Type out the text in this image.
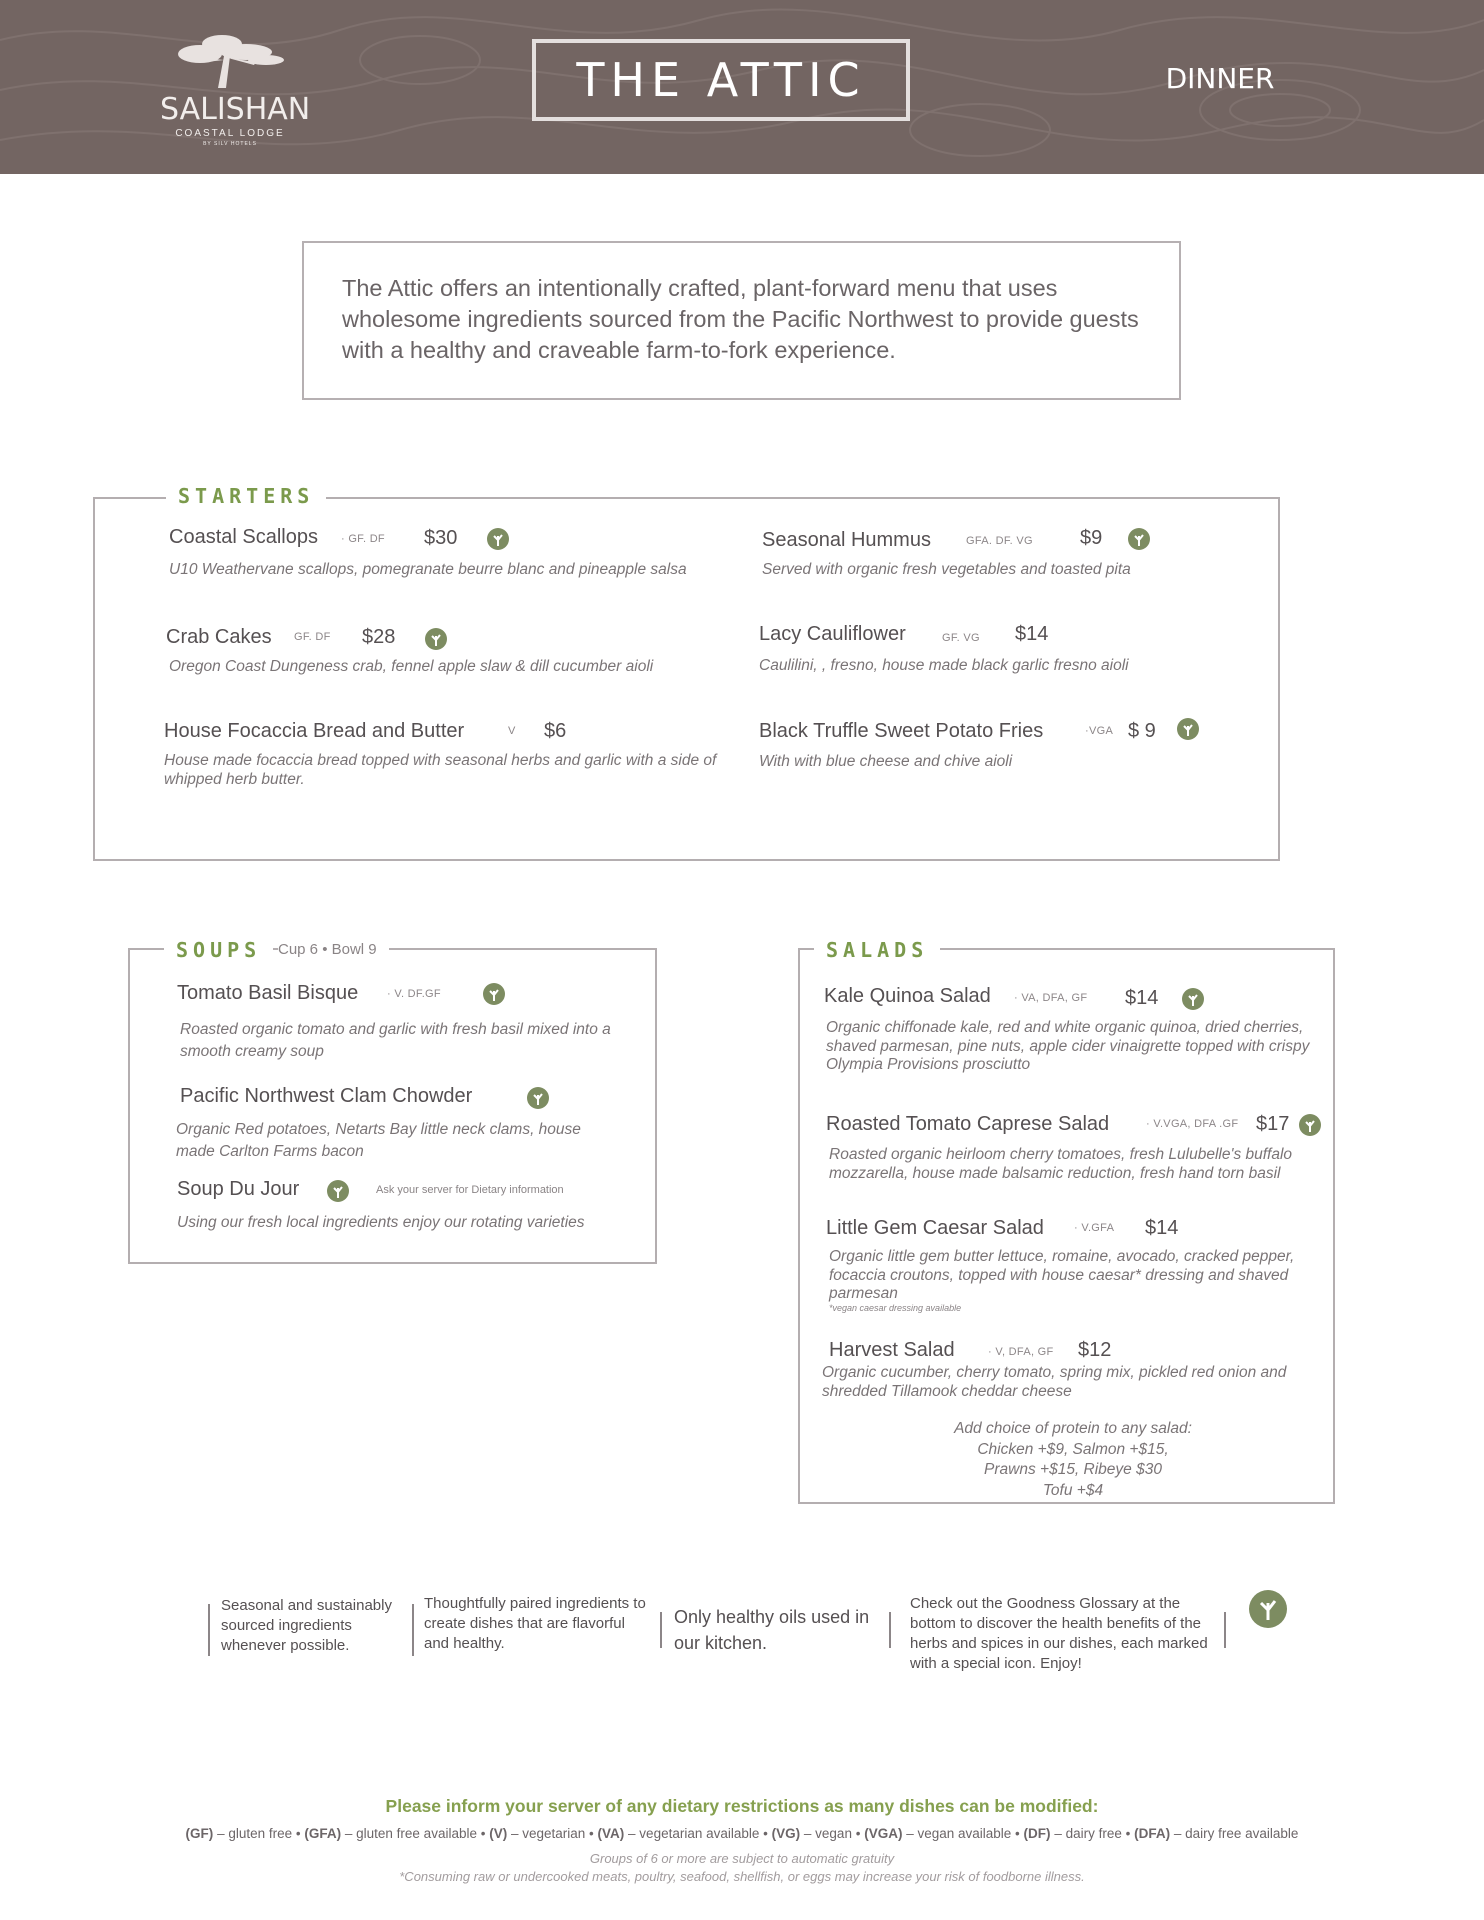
SALISHAN
COASTAL LODGE
BY SILV HOTELS
THE ATTIC	DINNER
The Attic offers an intentionally crafted, plant-forward menu that uses wholesome ingredients sourced from the Pacific Northwest to provide guests with a healthy and craveable farm-to-fork experience.
STARTERS
Coastal Scallops · GF. DF $30
U10 Weathervane scallops, pomegranate beurre blanc and pineapple salsa
Crab Cakes GF. DF $28
Oregon Coast Dungeness crab, fennel apple slaw & dill cucumber aioli
House Focaccia Bread and Butter	V $6
House made focaccia bread topped with seasonal herbs and garlic with a side of whipped herb butter.
Seasonal Hummus	GFA. DF. VG $9
Served with organic fresh vegetables and toasted pita
Lacy Cauliflower	GF. VG $14
Caulilini, , fresno, house made black garlic fresno aioli
Black Truffle Sweet Potato Fries	·VGA $ 9
With with blue cheese and chive aioli
SOUPS	Cup 6 • Bowl 9
Tomato Basil Bisque	· V. DF.GF
Roasted organic tomato and garlic with fresh basil mixed into a smooth creamy soup
Pacific Northwest Clam Chowder
Organic Red potatoes, Netarts Bay little neck clams, house made Carlton Farms bacon
Soup Du Jour	Ask your server for Dietary information
Using our fresh local ingredients enjoy our rotating varieties
SALADS
Kale Quinoa Salad · VA, DFA, GF $14
Organic chiffonade kale, red and white organic quinoa, dried cherries, shaved parmesan, pine nuts, apple cider vinaigrette topped with crispy Olympia Provisions prosciutto
Roasted Tomato Caprese Salad	· V.VGA, DFA .GF $17
Roasted organic heirloom cherry tomatoes, fresh Lulubelle's buffalo mozzarella, house made balsamic reduction, fresh hand torn basil
Little Gem Caesar Salad	· V.GFA $14
Organic little gem butter lettuce, romaine, avocado, cracked pepper, focaccia croutons, topped with house caesar* dressing and shaved parmesan
*vegan caesar dressing available
Harvest Salad	· V, DFA, GF $12
Organic cucumber, cherry tomato, spring mix, pickled red onion and shredded Tillamook cheddar cheese
Add choice of protein to any salad:
Chicken +$9, Salmon +$15,
Prawns +$15, Ribeye $30
Tofu +$4
Seasonal and sustainably sourced ingredients whenever possible.
Thoughtfully paired ingredients to create dishes that are flavorful and healthy.
Only healthy oils used in our kitchen.
Check out the Goodness Glossary at the bottom to discover the health benefits of the herbs and spices in our dishes, each marked with a special icon. Enjoy!
Please inform your server of any dietary restrictions as many dishes can be modified:
(GF) – gluten free • (GFA) – gluten free available • (V) – vegetarian • (VA) – vegetarian available • (VG) – vegan • (VGA) – vegan available • (DF) – dairy free • (DFA) – dairy free available
Groups of 6 or more are subject to automatic gratuity
*Consuming raw or undercooked meats, poultry, seafood, shellfish, or eggs may increase your risk of foodborne illness.
